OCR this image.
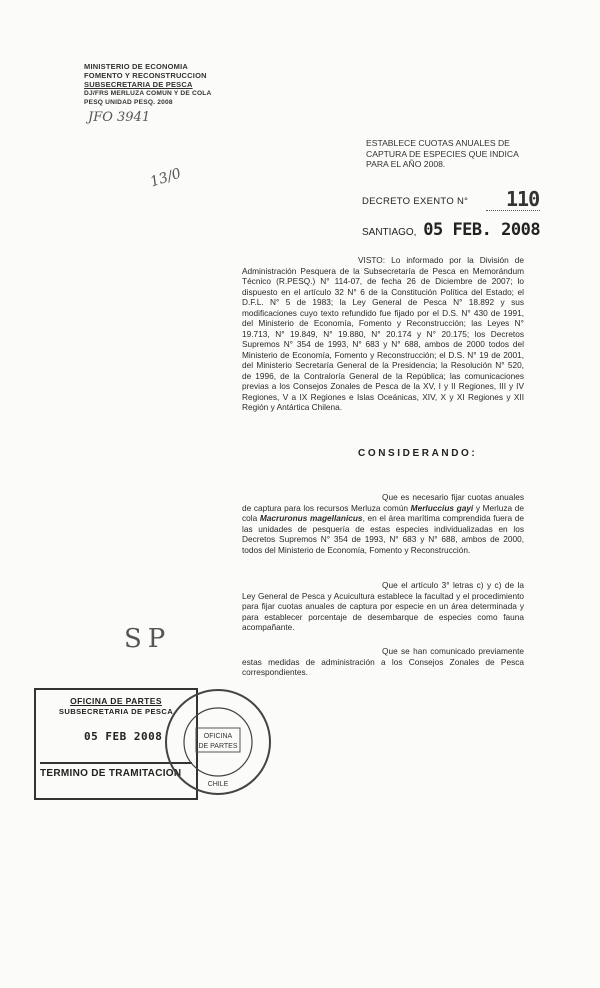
MINISTERIO DE ECONOMIA
FOMENTO Y RECONSTRUCCION
SUBSECRETARIA DE PESCA
DJ/FRS MERLUZA COMUN Y DE COLA
PESQ UNIDAD PESQ. 2008
JFO 3941
13/0
ESTABLECE CUOTAS ANUALES DE CAPTURA DE ESPECIES QUE INDICA PARA EL AÑO 2008.
DECRETO EXENTO N° 110
SANTIAGO, 05 FEB. 2008
VISTO: Lo informado por la División de Administración Pesquera de la Subsecretaría de Pesca en Memorándum Técnico (R.PESQ.) N° 114-07, de fecha 26 de Diciembre de 2007; lo dispuesto en el artículo 32 N° 6 de la Constitución Política del Estado; el D.F.L. N° 5 de 1983; la Ley General de Pesca N° 18.892 y sus modificaciones cuyo texto refundido fue fijado por el D.S. N° 430 de 1991, del Ministerio de Economía, Fomento y Reconstrucción; las Leyes N° 19.713, N° 19.849, N° 19.880, N° 20.174 y N° 20.175; los Decretos Supremos N° 354 de 1993, N° 683 y N° 688, ambos de 2000 todos del Ministerio de Economía, Fomento y Reconstrucción; el D.S. N° 19 de 2001, del Ministerio Secretaría General de la Presidencia; la Resolución N° 520, de 1996, de la Contraloría General de la República; las comunicaciones previas a los Consejos Zonales de Pesca de la XV, I y II Regiones, III y IV Regiones, V a IX Regiones e Islas Oceánicas, XIV, X y XI Regiones y XII Región y Antártica Chilena.
CONSIDERANDO:
Que es necesario fijar cuotas anuales de captura para los recursos Merluza común Merluccius gayi y Merluza de cola Macruronus magellanicus, en el área marítima comprendida fuera de las unidades de pesquería de estas especies individualizadas en los Decretos Supremos N° 354 de 1993, N° 683 y N° 688, ambos de 2000, todos del Ministerio de Economía, Fomento y Reconstrucción.
Que el artículo 3° letras c) y c) de la Ley General de Pesca y Acuicultura establece la facultad y el procedimiento para fijar cuotas anuales de captura por especie en un área determinada y para establecer porcentaje de desembarque de especies como fauna acompañante.
Que se han comunicado previamente estas medidas de administración a los Consejos Zonales de Pesca correspondientes.
SP
OFICINA DE PARTES
SUBSECRETARIA DE PESCA
05 FEB 2008
TERMINO DE TRAMITACION
OFICINA
DE PARTES
CHILE
